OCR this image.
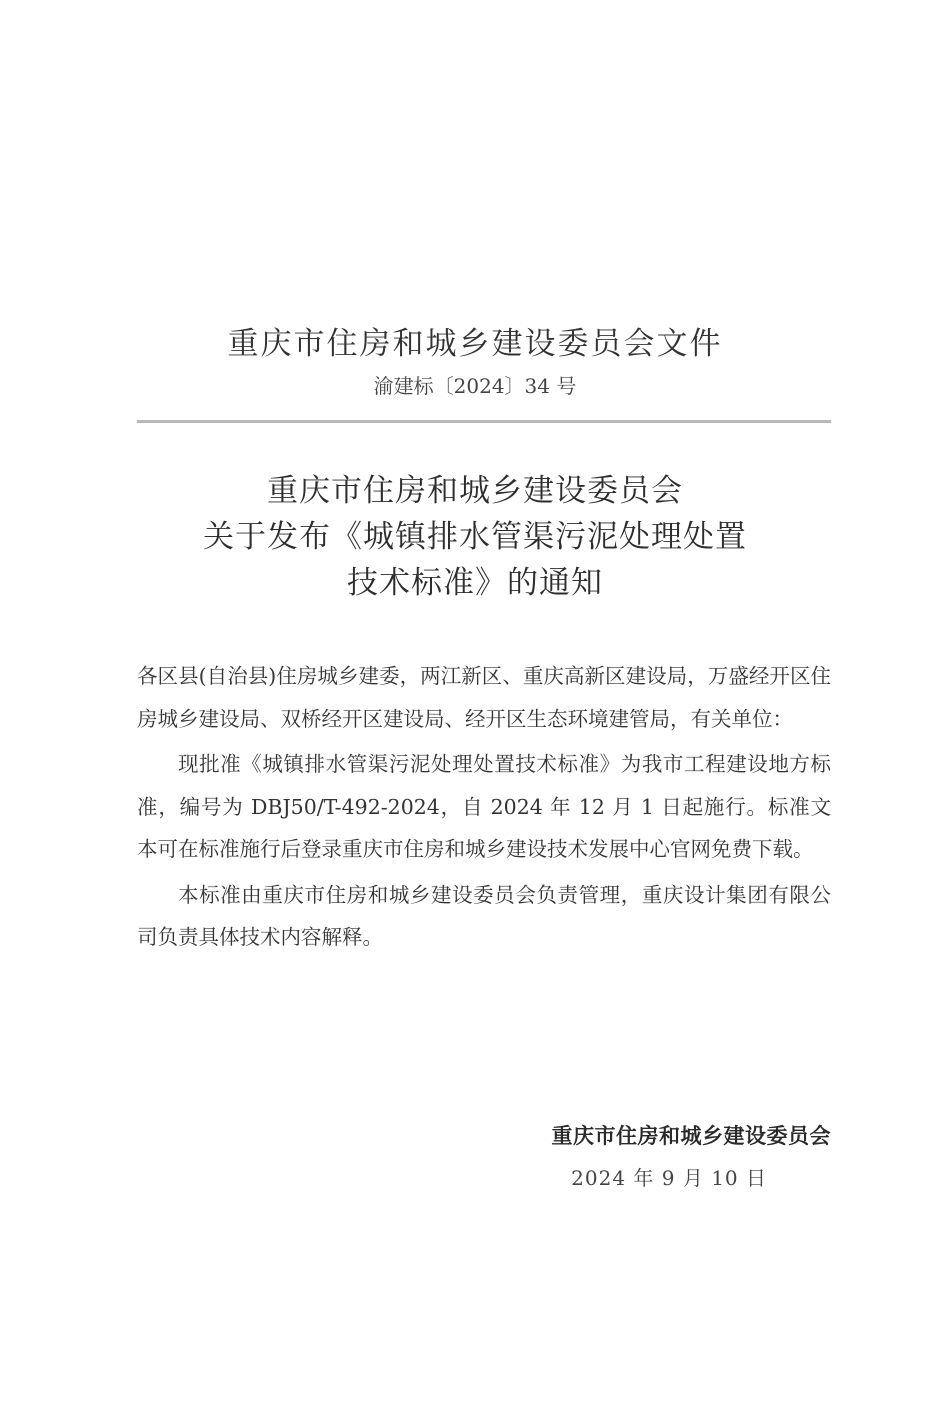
重庆市住房和城乡建设委员会文件
渝建标〔2024〕34 号
重庆市住房和城乡建设委员会
关于发布《城镇排水管渠污泥处理处置
技术标准》的通知

各区县(自治县)住房城乡建委，两江新区、重庆高新区建设局，万盛经开区住房城乡建设局、双桥经开区建设局、经开区生态环境建管局，有关单位：

现批准《城镇排水管渠污泥处理处置技术标准》为我市工程建设地方标准，编号为 DBJ50/T-492-2024，自 2024 年 12 月 1 日起施行。标准文本可在标准施行后登录重庆市住房和城乡建设技术发展中心官网免费下载。

本标准由重庆市住房和城乡建设委员会负责管理，重庆设计集团有限公司负责具体技术内容解释。

重庆市住房和城乡建设委员会
2024 年 9 月 10 日
